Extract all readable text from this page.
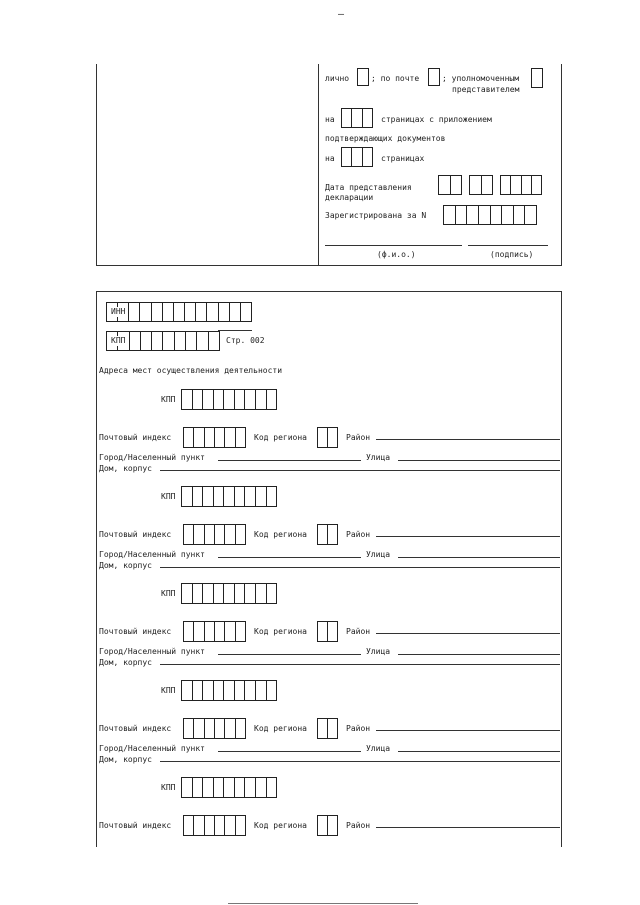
–
лично	; по почте	; уполномоченным
представителем
на	страницах с приложением
подтверждающих документов
на	страницах
Дата представления
декларации
Зарегистрирована за N
(ф.и.о.)	(подпись)
ИНН
КПП	Стр. 002
Адреса мест осуществления деятельности
КПП
Почтовый индекс	Код региона	Район
Город/Населенный пункт	Улица
Дом, корпус
КПП
Почтовый индекс	Код региона	Район
Город/Населенный пункт	Улица
Дом, корпус
КПП
Почтовый индекс	Код региона	Район
Город/Населенный пункт	Улица
Дом, корпус
КПП
Почтовый индекс	Код региона	Район
Город/Населенный пункт	Улица
Дом, корпус
КПП
Почтовый индекс	Код региона	Район
